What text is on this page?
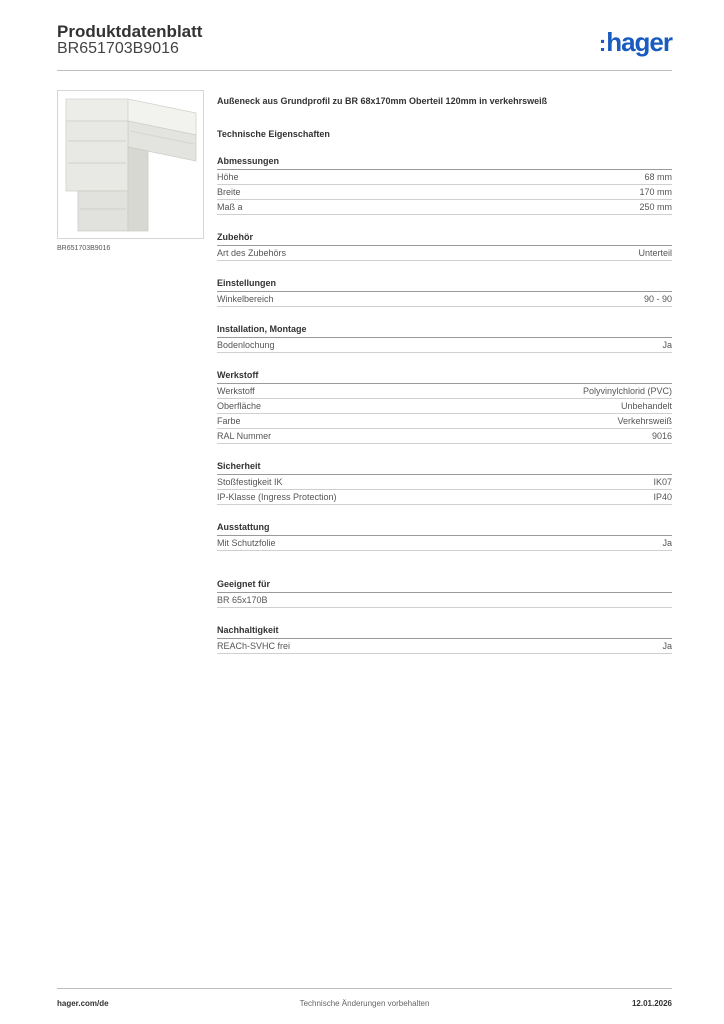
Produktdatenblatt
BR651703B9016	:hager
BR651703B9016
Außeneck aus Grundprofil zu BR 68x170mm Oberteil 120mm in verkehrsweiß
Technische Eigenschaften
Abmessungen
Höhe	68 mm
Breite	170 mm
Maß a	250 mm
Zubehör
Art des Zubehörs	Unterteil
Einstellungen
Winkelbereich	90 - 90
Installation, Montage
Bodenlochung	Ja
Werkstoff
Werkstoff	Polyvinylchlorid (PVC)
Oberfläche	Unbehandelt
Farbe	Verkehrsweiß
RAL Nummer	9016
Sicherheit
Stoßfestigkeit IK	IK07
IP-Klasse (Ingress Protection)	IP40
Ausstattung
Mit Schutzfolie	Ja
Geeignet für
BR 65x170B
Nachhaltigkeit
REACh-SVHC frei	Ja
hager.com/de	Technische Änderungen vorbehalten	12.01.2026
